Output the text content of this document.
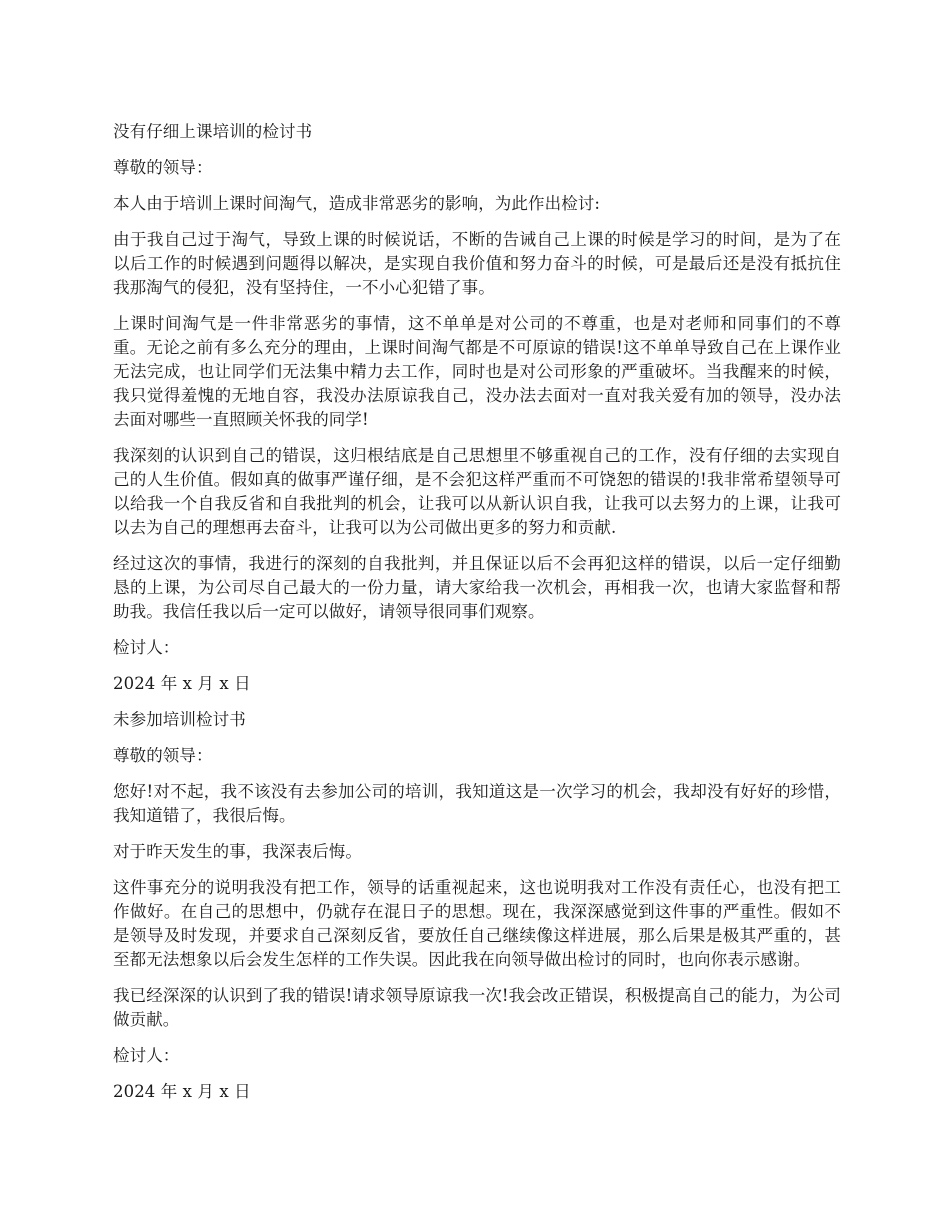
没有仔细上课培训的检讨书

尊敬的领导：

本人由于培训上课时间淘气，造成非常恶劣的影响，为此作出检讨:

由于我自己过于淘气，导致上课的时候说话，不断的告诫自己上课的时候是学习的时间，是为了在以后工作的时候遇到问题得以解决，是实现自我价值和努力奋斗的时候，可是最后还是没有抵抗住我那淘气的侵犯，没有坚持住，一不小心犯错了事。

上课时间淘气是一件非常恶劣的事情，这不单单是对公司的不尊重，也是对老师和同事们的不尊重。无论之前有多么充分的理由，上课时间淘气都是不可原谅的错误!这不单单导致自己在上课作业无法完成，也让同学们无法集中精力去工作，同时也是对公司形象的严重破坏。当我醒来的时候，我只觉得羞愧的无地自容，我没办法原谅我自己，没办法去面对一直对我关爱有加的领导，没办法去面对哪些一直照顾关怀我的同学!

我深刻的认识到自己的错误，这归根结底是自己思想里不够重视自己的工作，没有仔细的去实现自己的人生价值。假如真的做事严谨仔细，是不会犯这样严重而不可饶恕的错误的!我非常希望领导可以给我一个自我反省和自我批判的机会，让我可以从新认识自我，让我可以去努力的上课，让我可以去为自己的理想再去奋斗，让我可以为公司做出更多的努力和贡献.

经过这次的事情，我进行的深刻的自我批判，并且保证以后不会再犯这样的错误，以后一定仔细勤恳的上课，为公司尽自己最大的一份力量，请大家给我一次机会，再相我一次，也请大家监督和帮助我。我信任我以后一定可以做好，请领导很同事们观察。

检讨人：

2024 年 x 月 x 日

未参加培训检讨书

尊敬的领导：

您好!对不起，我不该没有去参加公司的培训，我知道这是一次学习的机会，我却没有好好的珍惜，我知道错了，我很后悔。

对于昨天发生的事，我深表后悔。

这件事充分的说明我没有把工作，领导的话重视起来，这也说明我对工作没有责任心，也没有把工作做好。在自己的思想中，仍就存在混日子的思想。现在，我深深感觉到这件事的严重性。假如不是领导及时发现，并要求自己深刻反省，要放任自己继续像这样进展，那么后果是极其严重的，甚至都无法想象以后会发生怎样的工作失误。因此我在向领导做出检讨的同时，也向你表示感谢。

我已经深深的认识到了我的错误!请求领导原谅我一次!我会改正错误，积极提高自己的能力，为公司做贡献。

检讨人：

2024 年 x 月 x 日
